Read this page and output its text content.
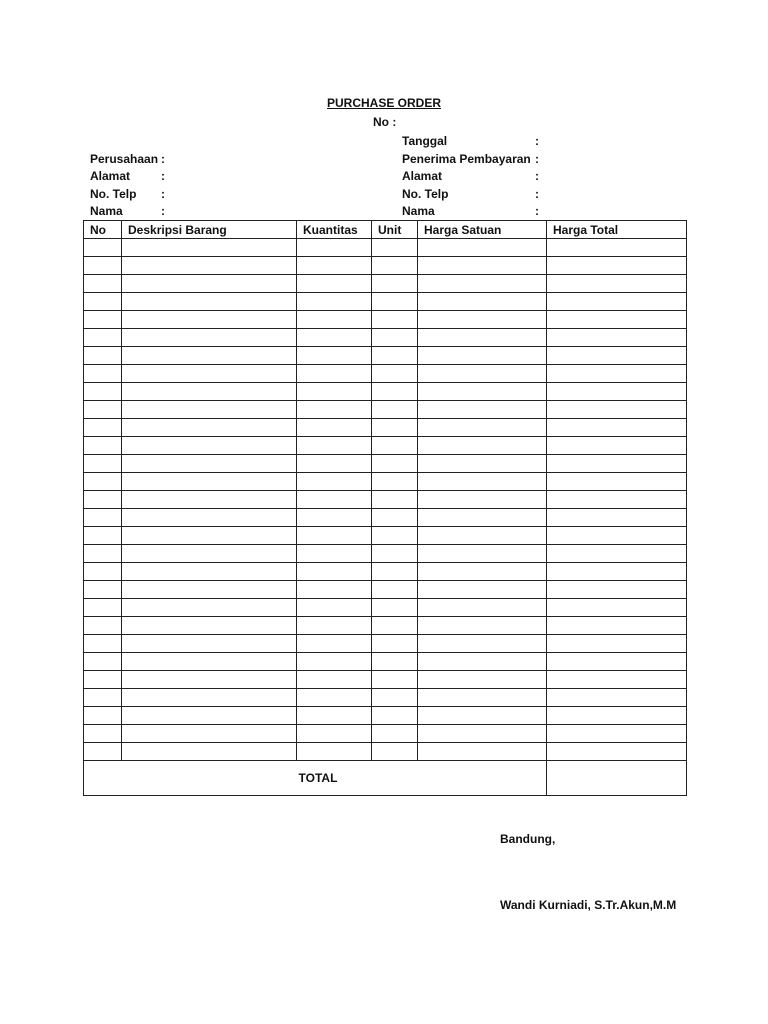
PURCHASE ORDER
No :
Tanggal	:
Penerima Pembayaran :
Alamat	:
No. Telp	:
Nama	:
Perusahaan :
Alamat	:
No. Telp :
Nama	:
No	Deskripsi Barang	Kuantitas	Unit	Harga Satuan	Harga Total

TOTAL					
Bandung,
Wandi Kurniadi, S.Tr.Akun,M.M
